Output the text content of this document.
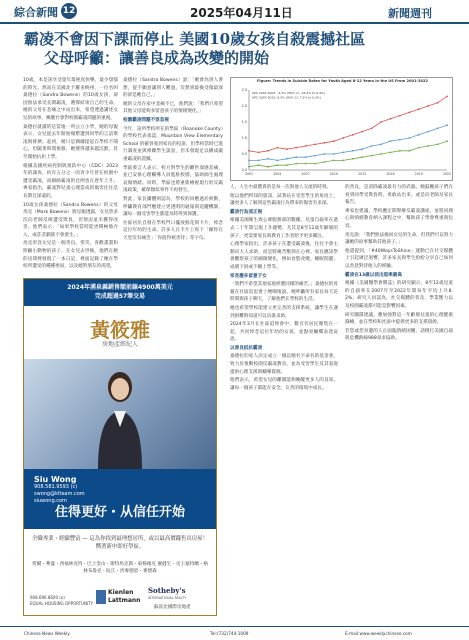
綜合新聞 12	2025年04月11日	新聞週刊
霸凌不會因下課而停止 美國10歲女孩自殺震撼社區
父母呼籲：讓善良成為改變的開始
10歲，本是該享受童年最純真快樂、最少煩惱的時光。然而在美國北卡羅來納州，一位名叫桑德拉（Sandra Bowens）的10歲女孩，卻因無法承受長期霸凌，選擇結束自己的生命。她的父母在悲痛之中站出來，希望透過講述女兒的故事，喚醒社會對校園霸凌問題的重視。
桑德拉就讀的是當地一所公立小學，她的母親表示，女兒從去年開始頻繁遭到同學的言語欺凌與排擠。起初，她只是偶爾提起在學校不開心，但隨著時間推移，她變得越來越沉默，甚至開始抗拒上學。
根據美國疾病控制與預防中心（CDC）2023年的調查，約有五分之一的青少年曾在校園中遭受霸凌，而網路霸凌的比例也在逐年上升。專家指出，霸凌對兒童心理造成的傷害往往是長期且深遠的。
10歲女孩桑德拉（Sandra Bowens）的父母馬克（Mark Bowens）與母親透露，女兒曾多次向老師反映遭受欺負，但情況並未獲得改善。他們表示：「如果學校當時能更積極地介入，或許悲劇就不會發生。」
馬克形容女兒是一個善良、愛笑、喜歡畫畫和照顧小動物的孩子。在女兒去世後，他們在她的房間裡發現了一本日記，裡面記錄了她在學校所遭受的種種委屈，以及她對朋友的渴望。
桑德拉（Sandra Bowens）說：「她會為別人著想，從不願意讓別人難過，沒想到最後受傷最深的卻是她自己。」
她的父母在家中悲痛不已，他們說：「我們只希望其他父母能夠多留意孩子的情緒變化。」
校園霸凌問題不容忽視
今年，該所學校所在的學區（Roanoke County）的學校代表承認，Mountain View Elementary School 的確曾收到家長的投訴，但學校當時已進行調查並與相關學生談話，但未發現足以構成嚴重霸凌的證據。
學區發言人表示，校方對學生的離世深感悲痛，並已安排心理輔導人員進駐校園，協助師生處理哀傷情緒。同時，學區也將重新檢視現行的反霸凌政策，確保類似事件不再發生。
對此，家長團體則認為，學校的回應過於被動，呼籲教育部門應建立更透明的通報與追蹤機制，讓每一個受害學生都能及時得到保護。
社區居民自發在學校門口擺放鮮花與卡片，悼念這位年幼的生命。許多人在卡片上寫下「願你在天堂沒有痛苦」「你值得被善待」等字句。
Figure: Trends in Suicide Rates for Youth Aged 8-12 Years in the US From 2001-2022
0.0
0.5
1.0
1.5
2.0
2.5
2001	2004	2007	2010	2013	2016	2019	2022
APC 2001-2007: -4.3% (95% CI: -25.4% to 6.4%)
APC 2007-2022: 8.2% (95% CI: 7.2% to 9.3%)
人，人生中最寶貴的是每一次與他人交流的時刻。
他以他們所知的資訊，試著站在受害學生的角度上，讓更多人了解到這些霸凌行為帶來的傷害有多深。
霸凌行為須正視
根據美國衛生與公眾服務部的數據，兒童自殺率在過去二十年間呈現上升趨勢，尤其是8至12歲年齡層的孩子，更需要家長與教育工作者給予更多關注。
心理學家指出，許多孩子在遭受霸凌後，往往不會主動向大人求助，而是將痛苦壓抑在心裡。家長應該學會觀察孩子的細微變化，例如食慾改變、睡眠問題、成績下滑或不願上學等。
家長應多留意子女
「我們不希望其他家庭經歷同樣的痛苦。」桑德拉的母親在社區追思會上哽咽地說。她呼籲所有家長每天花時間與孩子聊天，了解他們在學校的生活。
她也希望學校能建立更完善的支援系統，讓學生在遇到困難時知道可以向誰求助。
2024年3月在社區追悼會中，數百名居民聚集在一起，共同悼念這位年幼的女孩，並點亮蠟燭表達哀思。
以善良抵抗霸凌
桑德拉的家人決定成立一個以她名字命名的基金會，致力於推動校園反霸凌教育，並為受害學生及其家庭提供心理支援與輔導資源。
他們表示，希望女兒的離開能夠喚醒更多人的良知，讓每一個孩子都能在安全、友善的環境中成長。
的善良，是消除霸凌最有力的武器。她鼓勵孩子們在看到同學受欺負時，勇敢站出來，或是向老師及家長報告。
專家也建議，學校應定期舉辦反霸凌講座，並將同理心與情緒教育納入課程之中，幫助孩子學會尊重與包容。
馬克說：「我們無法挽回女兒的生命，但我們可以努力讓她的故事幫助其他孩子。」
他還提到，「#40WaysToShine」運動已在社交媒體上引起廣泛迴響，許多家長與學生紛紛分享自己如何以善意對待他人的經驗。
霸凌在13歲以前出現率最高
根據《美國醫學會雜誌》的研究顯示，8至12歲兒童的自殺率在2007年至2022年間每年平均上升8.2%。研究人員認為，社交媒體的普及、學業壓力以及校園霸凌都可能是影響因素。
研究團隊建議，應加強對這一年齡層兒童的心理健康篩檢，並在學校和社區中提供更多的支援資源。
若您或您身邊的人正面臨情緒困擾，請撥打美國自殺與危機熱線988尋求協助。
2024年湧泉縣銷售額前線4900萬美元
完成超過57筆交易
黃筱雅
房地產經紀人
Siu Wong
908.581.9593 (c)
swong@klteam.com
siuwong.com
住得更好・从信任开始
全職專業・經驗豐富 — 這為你找到最理想居所，或以最高價錢售出房屋！嚮著新申即好學區。
愛爾・華盛・西福林克特・巴士金山・斯特馬克斯・東格維克 慶健生・史王福特蘭・格林布魯克・阮丘・西麥德恩・麥德森
908.696.8600 (o)
EQUAL HOUSING OPPORTUNITY
Kienlen
Lattmann
Sotheby's
INTERNATIONAL REALTY
蘇富比國際房地產
Chinese News Weekly	Tel:(732)744-1009	E-mail:www.weeklychinese.com
